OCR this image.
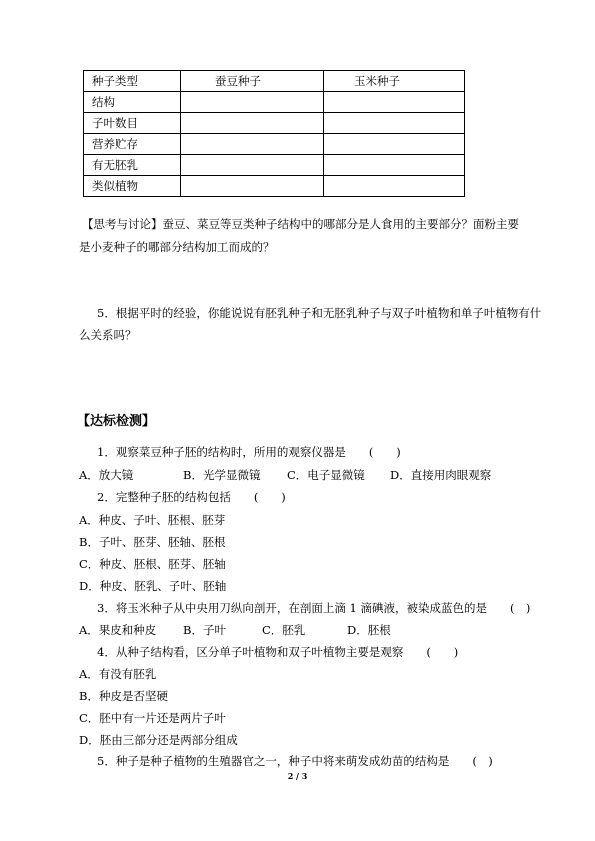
种子类型	蚕豆种子	玉米种子
结构		
子叶数目		
营养贮存		
有无胚乳		
类似植物		
【思考与讨论】蚕豆、菜豆等豆类种子结构中的哪部分是人食用的主要部分？面粉主要
是小麦种子的哪部分结构加工而成的？
5．根据平时的经验，你能说说有胚乳种子和无胚乳种子与双子叶植物和单子叶植物有什
么关系吗？
【达标检测】
1．观察菜豆种子胚的结构时，所用的观察仪器是　　(　　)
A．放大镜	B．光学显微镜 C．电子显微镜 D．直接用肉眼观察
2．完整种子胚的结构包括　　(　　)
A．种皮、子叶、胚根、胚芽
B．子叶、胚芽、胚轴、胚根
C．种皮、胚根、胚芽、胚轴
D．种皮、胚乳、子叶、胚轴
3．将玉米种子从中央用刀纵向剖开，在剖面上滴 1 滴碘液，被染成蓝色的是　　(　)
A．果皮和种皮 B．子叶	C．胚乳	D．胚根
4．从种子结构看，区分单子叶植物和双子叶植物主要是观察　　(　　)
A．有没有胚乳
B．种皮是否坚硬
C．胚中有一片还是两片子叶
D．胚由三部分还是两部分组成
5．种子是种子植物的生殖器官之一，种子中将来萌发成幼苗的结构是　　(　)
2 / 3
